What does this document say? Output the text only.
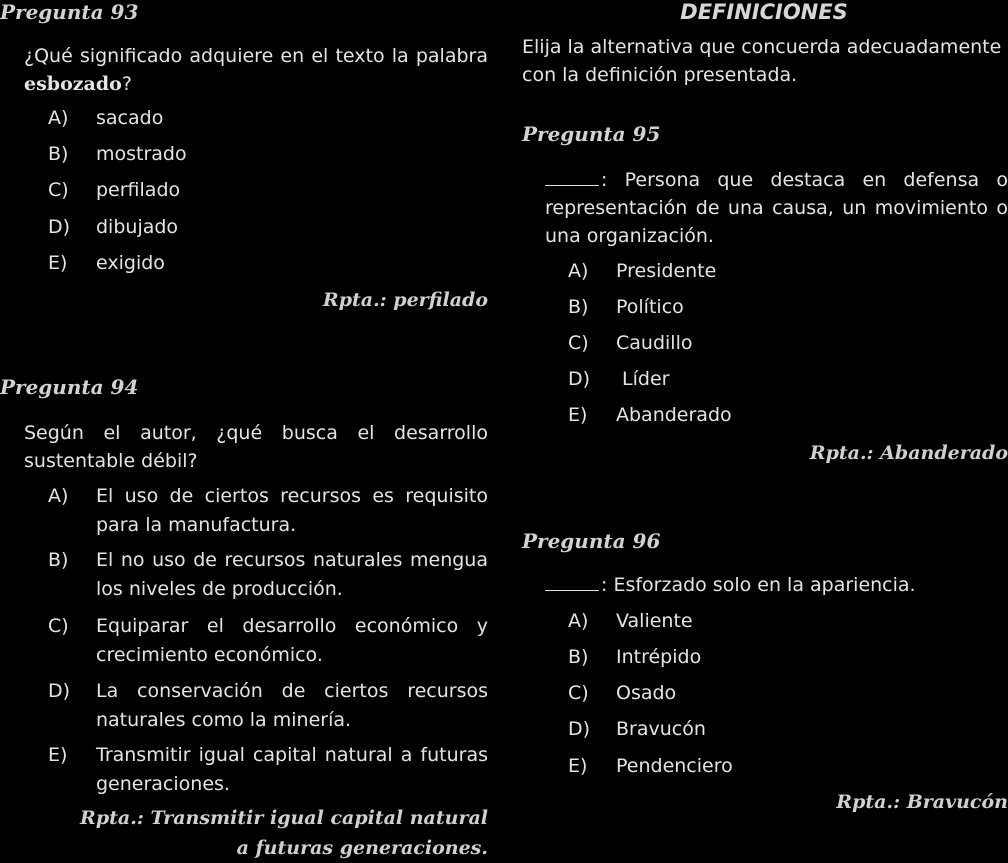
Pregunta 93
¿Qué significado adquiere en el texto la palabra esbozado?
A)	sacado
B)	mostrado
C)	perfilado
D)	dibujado
E)	exigido
Rpta.: perfilado
Pregunta 94
Según el autor, ¿qué busca el desarrollo sustentable débil?
A)	El uso de ciertos recursos es requisito para la manufactura.
B)	El no uso de recursos naturales mengua los niveles de producción.
C)	Equiparar el desarrollo económico y crecimiento económico.
D)	La conservación de ciertos recursos naturales como la minería.
E)	Transmitir igual capital natural a futuras generaciones.
Rpta.: Transmitir igual capital natural
a futuras generaciones.
DEFINICIONES
Elija la alternativa que concuerda adecuadamente con la definición presentada.
Pregunta 95
: Persona que destaca en defensa o representación de una causa, un movimiento o una organización.
A)	Presidente
B)	Político
C)	Caudillo
D)	Líder
E)	Abanderado
Rpta.: Abanderado
Pregunta 96
: Esforzado solo en la apariencia.
A)	Valiente
B)	Intrépido
C)	Osado
D)	Bravucón
E)	Pendenciero
Rpta.: Bravucón
